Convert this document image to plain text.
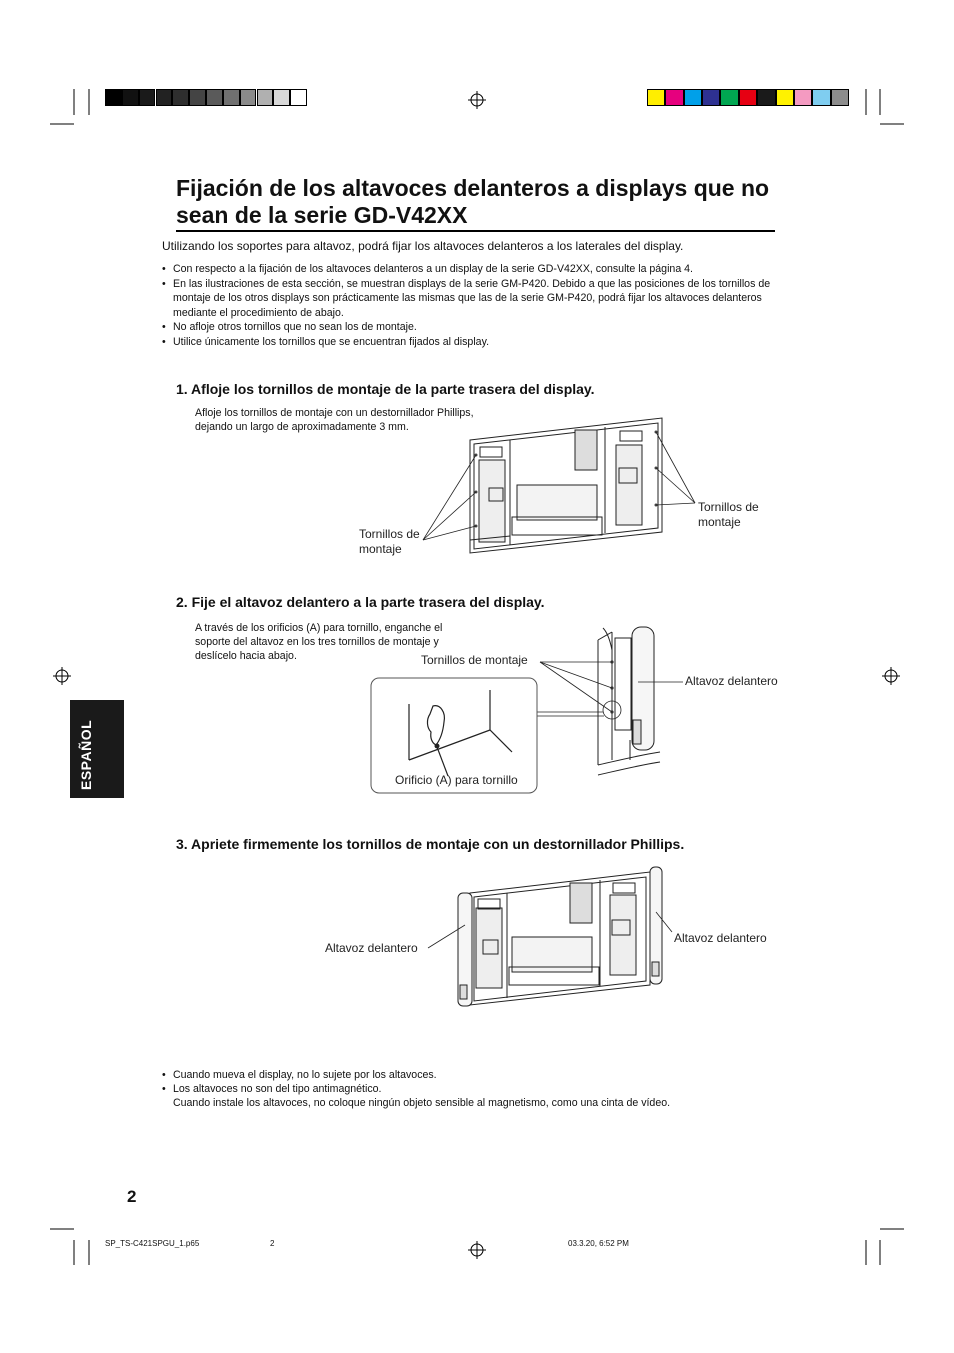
Fijación de los altavoces delanteros a displays que no sean de la serie GD-V42XX
Utilizando los soportes para altavoz, podrá fijar los altavoces delanteros a los laterales del display.
• Con respecto a la fijación de los altavoces delanteros a un display de la serie GD-V42XX, consulte la página 4.
• En las ilustraciones de esta sección, se muestran displays de la serie GM-P420. Debido a que las posiciones de los tornillos de montaje de los otros displays son prácticamente las mismas que las de la serie GM-P420, podrá fijar los altavoces delanteros mediante el procedimiento de abajo.
• No afloje otros tornillos que no sean los de montaje.
• Utilice únicamente los tornillos que se encuentran fijados al display.
1. Afloje los tornillos de montaje de la parte trasera del display.
Afloje los tornillos de montaje con un destornillador Phillips, dejando un largo de aproximadamente 3 mm.
Tornillos de montaje
Tornillos de montaje
2. Fije el altavoz delantero a la parte trasera del display.
A través de los orificios (A) para tornillo, enganche el soporte del altavoz en los tres tornillos de montaje y deslícelo hacia abajo.	Tornillos de montaje
Altavoz delantero
Orificio (A) para tornillo
ESPAÑOL
3. Apriete firmemente los tornillos de montaje con un destornillador Phillips.
Altavoz delantero
Altavoz delantero
• Cuando mueva el display, no lo sujete por los altavoces.
• Los altavoces no son del tipo antimagnético.
Cuando instale los altavoces, no coloque ningún objeto sensible al magnetismo, como una cinta de vídeo.
2
SP_TS-C421SPGU_1.p65	2	03.3.20, 6:52 PM
